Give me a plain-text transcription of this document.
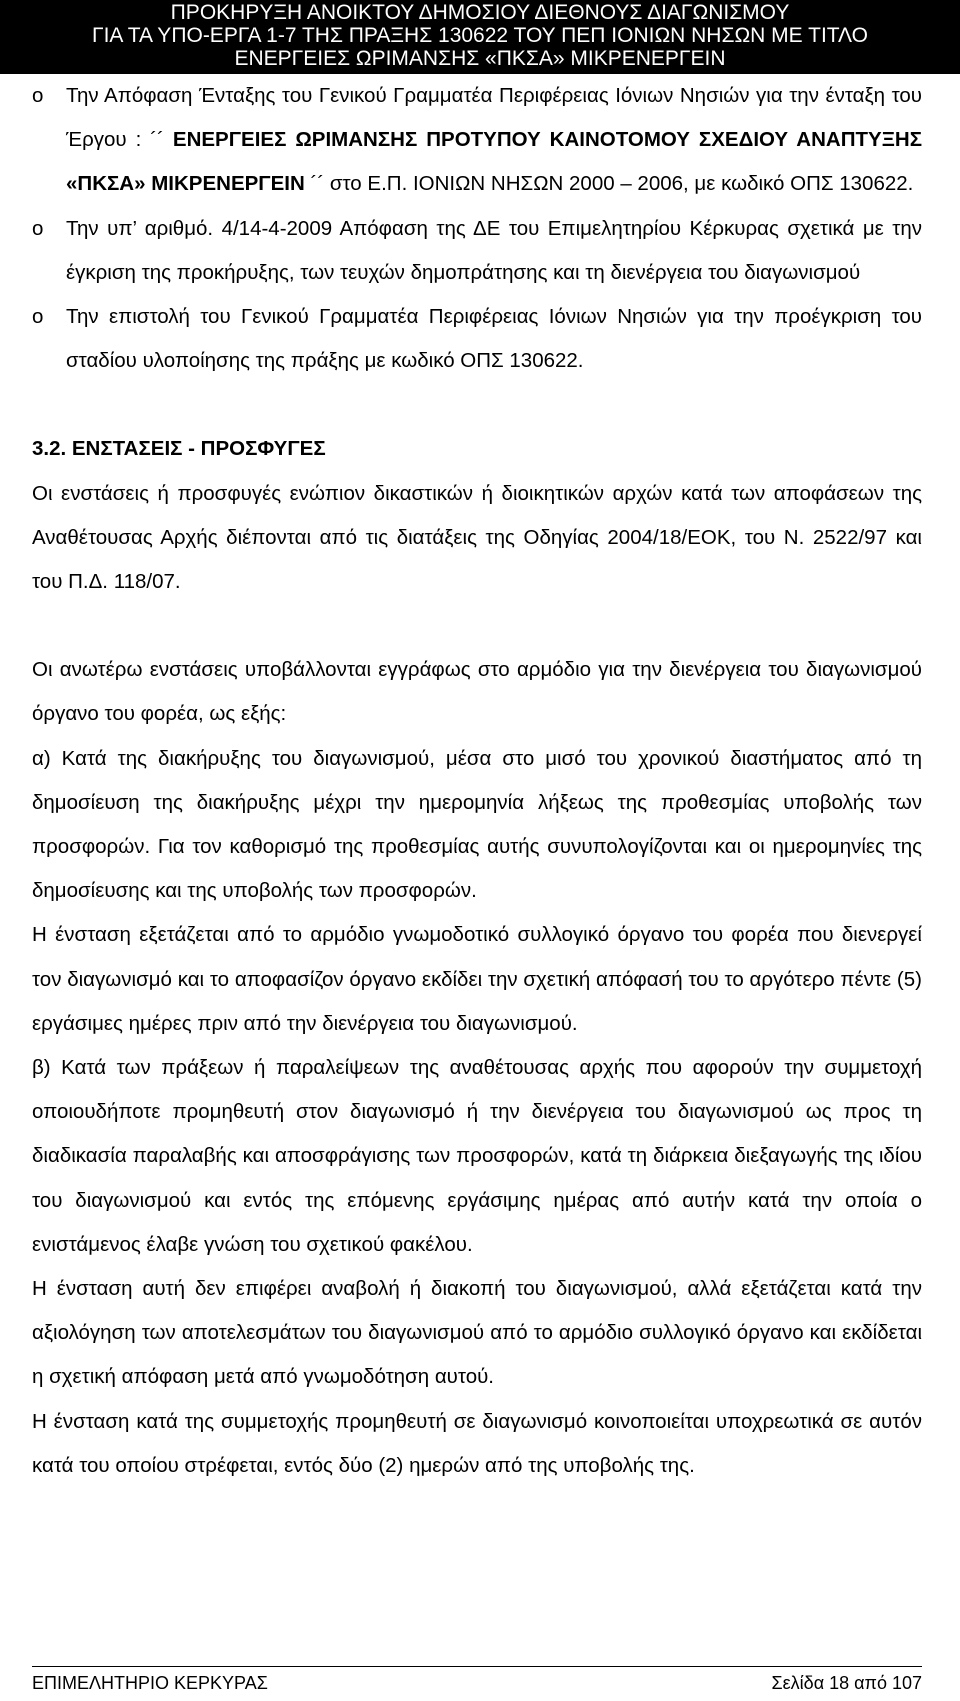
ΠΡΟΚΗΡΥΞΗ ΑΝΟΙΚΤΟΥ ΔΗΜΟΣΙΟΥ ΔΙΕΘΝΟΥΣ ΔΙΑΓΩΝΙΣΜΟΥ
ΓΙΑ ΤΑ ΥΠΟ-ΕΡΓΑ 1-7 ΤΗΣ ΠΡΑΞΗΣ 130622 ΤΟΥ ΠΕΠ ΙΟΝΙΩΝ ΝΗΣΩΝ ΜΕ ΤΙΤΛΟ
ΕΝΕΡΓΕΙΕΣ ΩΡΙΜΑΝΣΗΣ «ΠΚΣΑ» ΜΙΚΡΕΝΕΡΓΕΙΝ
o Την Απόφαση Ένταξης του Γενικού Γραμματέα Περιφέρειας Ιόνιων Νησιών για την ένταξη του Έργου : ´´ ΕΝΕΡΓΕΙΕΣ ΩΡΙΜΑΝΣΗΣ ΠΡΟΤΥΠΟΥ ΚΑΙΝΟΤΟΜΟΥ ΣΧΕΔΙΟΥ ΑΝΑΠΤΥΞΗΣ «ΠΚΣΑ» ΜΙΚΡΕΝΕΡΓΕΙΝ ´´ στο Ε.Π. ΙΟΝΙΩΝ ΝΗΣΩΝ 2000 – 2006, με κωδικό ΟΠΣ 130622.
o Την υπ’ αριθμό. 4/14-4-2009 Απόφαση της ΔΕ του Επιμελητηρίου Κέρκυρας σχετικά με την έγκριση της προκήρυξης, των τευχών δημοπράτησης και τη διενέργεια του διαγωνισμού
o Την επιστολή του Γενικού Γραμματέα Περιφέρειας Ιόνιων Νησιών για την προέγκριση του σταδίου υλοποίησης της πράξης με κωδικό ΟΠΣ 130622.
3.2. ΕΝΣΤΑΣΕΙΣ - ΠΡΟΣΦΥΓΕΣ
Οι ενστάσεις ή προσφυγές ενώπιον δικαστικών ή διοικητικών αρχών κατά των αποφάσεων της Αναθέτουσας Αρχής διέπονται από τις διατάξεις της Οδηγίας 2004/18/ΕΟΚ, του Ν. 2522/97 και του Π.Δ. 118/07.
Οι ανωτέρω ενστάσεις υποβάλλονται εγγράφως στο αρμόδιο για την διενέργεια του διαγωνισμού όργανο του φορέα, ως εξής:
α) Κατά της διακήρυξης του διαγωνισμού, μέσα στο μισό του χρονικού διαστήματος από τη δημοσίευση της διακήρυξης μέχρι την ημερομηνία λήξεως της προθεσμίας υποβολής των προσφορών. Για τον καθορισμό της προθεσμίας αυτής συνυπολογίζονται και οι ημερομηνίες της δημοσίευσης και της υποβολής των προσφορών.
Η ένσταση εξετάζεται από το αρμόδιο γνωμοδοτικό συλλογικό όργανο του φορέα που διενεργεί τον διαγωνισμό και το αποφασίζον όργανο εκδίδει την σχετική απόφασή του το αργότερο πέντε (5) εργάσιμες ημέρες πριν από την διενέργεια του διαγωνισμού.
β) Κατά των πράξεων ή παραλείψεων της αναθέτουσας αρχής που αφορούν την συμμετοχή οποιουδήποτε προμηθευτή στον διαγωνισμό ή την διενέργεια του διαγωνισμού ως προς τη διαδικασία παραλαβής και αποσφράγισης των προσφορών, κατά τη διάρκεια διεξαγωγής της ιδίου του διαγωνισμού και εντός της επόμενης εργάσιμης ημέρας από αυτήν κατά την οποία ο ενιστάμενος έλαβε γνώση του σχετικού φακέλου.
Η ένσταση αυτή δεν επιφέρει αναβολή ή διακοπή του διαγωνισμού, αλλά εξετάζεται κατά την αξιολόγηση των αποτελεσμάτων του διαγωνισμού από το αρμόδιο συλλογικό όργανο και εκδίδεται η σχετική απόφαση μετά από γνωμοδότηση αυτού.
Η ένσταση κατά της συμμετοχής προμηθευτή σε διαγωνισμό κοινοποιείται υποχρεωτικά σε αυτόν κατά του οποίου στρέφεται, εντός δύο (2) ημερών από της υποβολής της.
ΕΠΙΜΕΛΗΤΗΡΙΟ ΚΕΡΚΥΡΑΣ	Σελίδα 18 από 107
